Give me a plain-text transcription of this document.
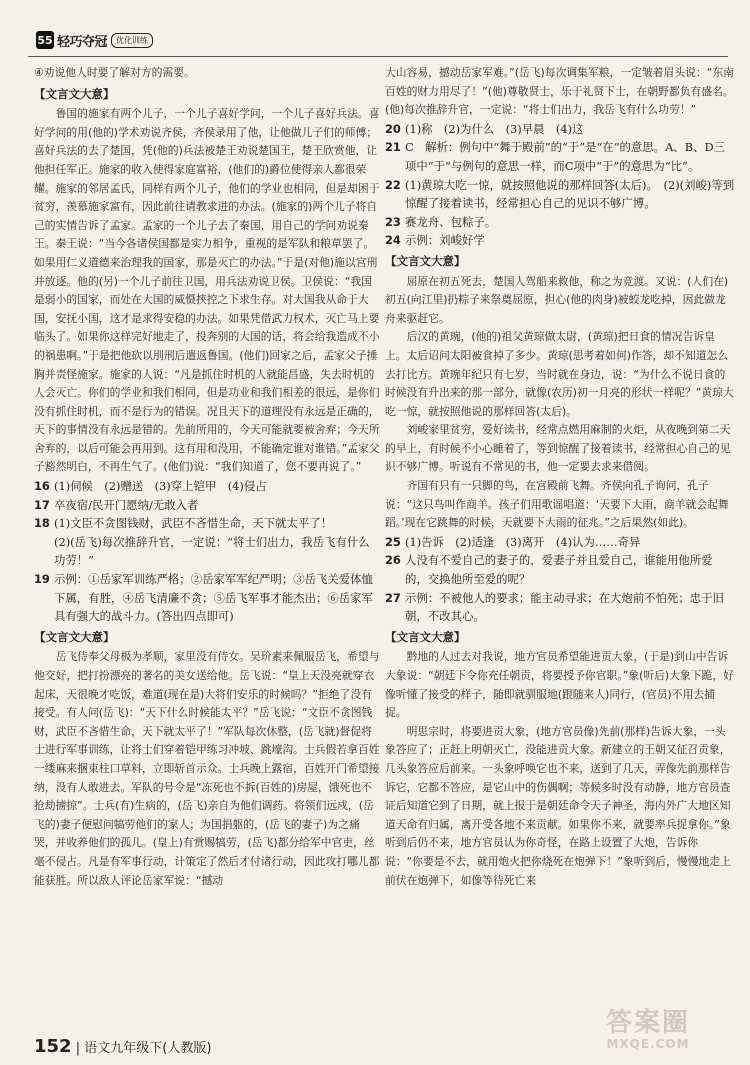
55 轻巧夺冠	优化训练

④劝说他人时要了解对方的需要。

【文言文大意】

鲁国的施家有两个儿子，一个儿子喜好学问，一个儿子喜好兵法。喜好学问的用(他的)学术劝说齐侯，齐侯录用了他，让他做儿子们的师傅；喜好兵法的去了楚国，凭(他的)兵法被楚王劝说楚国王，楚王欣赏他，让他担任军正。施家的收入使得家庭富裕，(他们的)爵位使得亲人都很荣耀。施家的邻居孟氏，同样有两个儿子，他们的学业也相同，但是却困于贫穷，羡慕施家富有，因此前往请教求进的办法。(施家的)两个儿子将自己的实情告诉了孟家。孟家的一个儿子去了秦国，用自己的学问劝说秦王。秦王说：“当今各诸侯国都是实力相争，重视的是军队和粮草罢了。如果用仁义道德来治理我的国家，那是灭亡的办法。”于是(对他)施以宫刑并放逐。他的(另)一个儿子前往卫国，用兵法劝说卫侯。卫侯说：“我国是弱小的国家，而处在大国的威慑挟控之下求生存。对大国我从命于大国，安抚小国，这才是求得安稳的办法。如果凭借武力权术，灭亡马上要临头了。如果你这样完好地走了，投奔别的大国的话，将会给我造成不小的祸患啊。”于是把他砍以刖刑后遣返鲁国。(他们)回家之后，孟家父子捶胸并责怪施家。施家的人说：“凡是抓住时机的人就能昌盛，失去时机的人会灭亡。你们的学业和我们相同，但是功业和我们相差的很远，是你们没有抓住时机，而不是行为的错误。况且天下的道理没有永远是正确的，天下的事情没有永远是错的。先前所用的，今天可能就要被舍弃；今天所舍弃的，以后可能会再用到。这有用和没用，不能确定谁对谁错。”孟家父子豁然明白，不再生气了。(他们)说：“我们知道了，您不要再说了。”

16 (1)伺候　(2)赠送　(3)穿上铠甲　(4)侵占
17 卒夜宿/民开门愿纳/无敢入者
18 (1)文臣不贪图钱财，武臣不吝惜生命，天下就太平了！
(2)(岳飞)每次推辞升官，一定说：“将士们出力，我岳飞有什么功劳！”
19 示例：①岳家军训练严格；②岳家军军纪严明；③岳飞关爱体恤下属，有胜，④岳飞清廉不贪；⑤岳飞军事才能杰出；⑥岳家军具有强大的战斗力。(答出四点即可)
【文言文大意】

岳飞侍奉父母极为孝顺，家里没有侍女。吴玠素来佩服岳飞，希望与他交好，把打扮漂亮的著名的美女送给他。岳飞说：“皇上天没亮就穿衣起床，天很晚才吃饭，难道(现在是)大将们安乐的时候吗？”拒绝了没有接受。有人问(岳飞)：“天下什么时候能太平？”岳飞说：“文臣不贪图钱财，武臣不吝惜生命，天下就太平了！”军队每次休整，(岳飞就)督促将士进行军事训练，让将士们穿着铠甲练习冲坡、跳壕沟。士兵假若拿百姓一缕麻来捆束柱口草料，立即斩首示众。士兵晚上露宿，百姓开门希望接纳，没有人敢进去。军队的号令是“冻死也不拆(百姓的)房屋，饿死也不抢劫掳掠”。士兵(有)生病的，(岳飞)亲自为他们调药。将领们远戍，(岳飞的)妻子便慰问犒劳他们的家人；为国捐躯的，(岳飞的妻子)为之痛哭，并收养他们的孤儿。(皇上)有赏赐犒劳，(岳飞)都分给军中官吏，丝毫不侵占。凡是有军事行动，计策定了然后才付诸行动，因此攻打哪儿都能获胜。所以敌人评论岳家军说：“撼动

大山容易，撼动岳家军难。”(岳飞)每次调集军粮，一定皱着眉头说：“东南百姓的财力用尽了！”(他)尊敬贤士，乐于礼贤下士，在朝野都负有盛名。(他)每次推辞升官，一定说：“将士们出力，我岳飞有什么功劳！”

20 (1)称　(2)为什么　(3)早晨　(4)这
21 C　解析：例句中“舞于殿前”的“于”是“在”的意思。A、B、D三项中“于”与例句的意思一样，而C项中“于”的意思为“比”。
22 (1)黄琼大吃一惊，就按照他说的那样回答(太后)。　(2)(刘峻)等到惊醒了接着读书，经常担心自己的见识不够广博。
23 赛龙舟、包粽子。
24 示例：刘峻好学
【文言文大意】

屈原在初五死去，楚国人驾船来救他，称之为竞渡。又说：(人们在)初五(向江里)扔粽子来祭奠屈原，担心(他的肉身)被蛟龙吃掉，因此做龙舟来驱赶它。

后汉的黄琬，(他的)祖父黄琼做太尉，(黄琼)把日食的情况告诉皇上。太后诏问太阳被食掉了多少。黄琼(思考着如何)作答，却不知道怎么去打比方。黄琬年纪只有七岁，当时就在身边，说：“为什么不说日食的时候没有升出来的那一部分，就像(农历)初一月亮的形状一样呢？”黄琼大吃一惊，就按照他说的那样回答(太后)。

刘峻家里贫穷，爱好读书，经常点燃用麻制的火炬，从夜晚到第二天的早上，有时候不小心睡着了，等到惊醒了接着读书，经常担心自己的见识不够广博。听说有不常见的书，他一定要去求来借阅。

齐国有只有一只脚的鸟，在宫殿前飞舞。齐侯向孔子询问，孔子说：“这只鸟叫作商羊。孩子们用歌谣唱道：‘天要下大雨，商羊就会起舞蹈。’现在它跳舞的时候，天就要下大雨的征兆。”之后果然(如此)。

25 (1)告诉　(2)适逢　(3)离开　(4)认为……奇异
26 人没有不爱自己的妻子的，爱妻子并且爱自己，谁能用他所爱的，交换他所至爱的呢？
27 示例：不被他人的要求；能主动寻求；在大炮前不怕死；忠于旧朝，不改其心。
【文言文大意】

黔地的人过去对我说，地方官员希望能进贡大象，(于是)到山中告诉大象说：“朝廷下令你充任朝贡，将要授予你官职。”象(听后)大象下跪，好像听懂了接受的样子，随即就驯服地(跟随来人)同行，(官员)不用去捕捉。

明思宗时，将要进贡大象，(地方官员像)先前(那样)告诉大象，一头象答应了；正赶上明朝灭亡，没能进贡大象。新建立的王朝又征召贡象，几头象答应后前来。一头象呼唤它也不来，送到了几天，弄像先前那样告诉它，它都不答应，是它山中的伤偶啊；等候多时没有动静，地方官员查证后知道它到了日期，就上报于是朝廷命令天子神圣，海内外广大地区知道天命有归属，离开受各地不来贡献。如果你不来，就要率兵捉拿你。”象听到后仍不来，地方官员认为你奇怪，在路上设置了大炮，告诉你说：“你要是不去，就用炮火把你烧死在炮弹下！”象听到后，慢慢地走上前伏在炮弹下，如像等待死亡来

152 | 语文九年级下(人教版)
答案圈
MXQE.COM
